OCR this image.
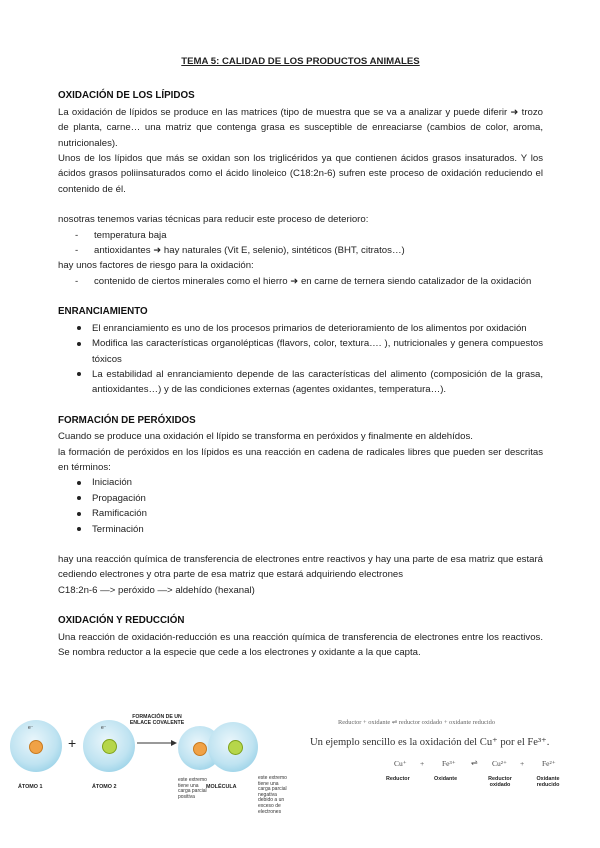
TEMA 5: CALIDAD DE LOS PRODUCTOS ANIMALES
OXIDACIÓN DE LOS LÍPIDOS

La oxidación de lípidos se produce en las matrices (tipo de muestra que se va a analizar y puede diferir ➜ trozo de planta, carne… una matriz que contenga grasa es susceptible de enreaciarse (cambios de color, aroma, nutricionales).

Unos de los lípidos que más se oxidan son los triglicéridos ya que contienen ácidos grasos insaturados. Y los ácidos grasos poliinsaturados como el ácido linoleico (C18:2n-6) sufren este proceso de oxidación reduciendo el contenido de él.

nosotras tenemos varias técnicas para reducir este proceso de deterioro:

- temperatura baja
- antioxidantes ➜ hay naturales (Vit E, selenio), sintéticos (BHT, citratos…)

hay unos factores de riesgo para la oxidación:

- contenido de ciertos minerales como el hierro ➜ en carne de ternera siendo catalizador de la oxidación
ENRANCIAMIENTO
El enranciamiento es uno de los procesos primarios de deterioramiento de los alimentos por oxidación
Modifica las características organolépticas (flavors, color, textura…. ), nutricionales y genera compuestos tóxicos
La estabilidad al enranciamiento depende de las características del alimento (composición de la grasa, antioxidantes…) y de las condiciones externas (agentes oxidantes, temperatura…).
FORMACIÓN DE PERÓXIDOS

Cuando se produce una oxidación el lípido se transforma en peróxidos y finalmente en aldehídos.

la formación de peróxidos en los lípidos es una reacción en cadena de radicales libres que pueden ser descritas en términos:

Iniciación
Propagación
Ramificación
Terminación

hay una reacción química de transferencia de electrones entre reactivos y hay una parte de esa matriz que estará cediendo electrones y otra parte de esa matriz que estará adquiriendo electrones

C18:2n-6 —> peróxido —> aldehído (hexanal)

OXIDACIÓN Y REDUCCIÓN

Una reacción de oxidación-reducción es una reacción química de transferencia de electrones entre los reactivos. Se nombra reductor a la especie que cede a los electrones y oxidante a la que capta.

e⁻
ÁTOMO 1
+
e⁻
ÁTOMO 2
FORMACIÓN DE UN ENLACE COVALENTE
MOLÉCULA
este extremo tiene una carga parcial positiva
este extremo tiene una carga parcial negativa debido a un exceso de electrones
Reductor + oxidante ⇌ reductor oxidado + oxidante reducido
Un ejemplo sencillo es la oxidación del Cu⁺ por el Fe³⁺.
Cu⁺ + Fe³⁺ ⇌ Cu²⁺ + Fe²⁺
Reductor	Oxidante	Reductor oxidado
Oxidante reducido
